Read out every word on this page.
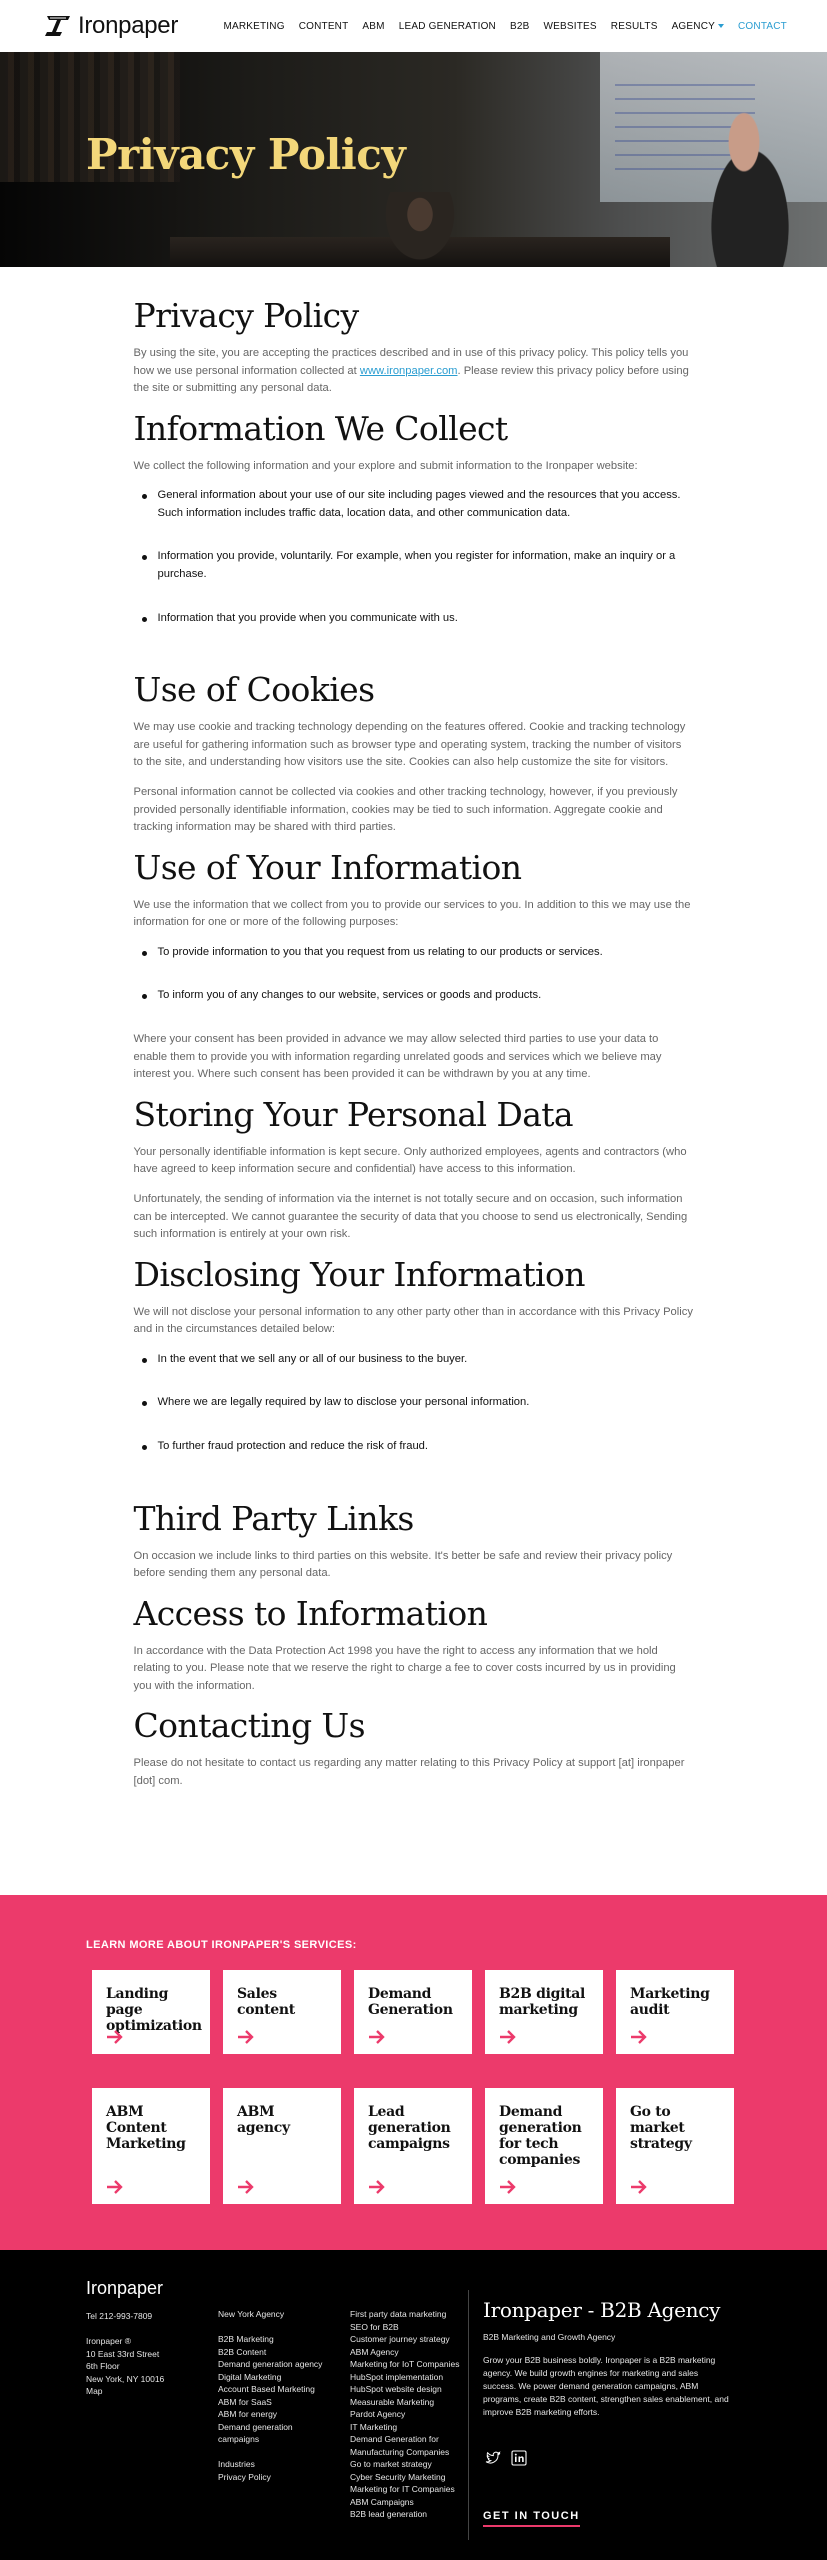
Ironpaper	MARKETING CONTENT ABM LEAD GENERATION B2B WEBSITES RESULTS AGENCY CONTACT
Privacy Policy
Privacy Policy

By using the site, you are accepting the practices described and in use of this privacy policy. This policy tells you how we use personal information collected at www.ironpaper.com. Please review this privacy policy before using the site or submitting any personal data.

Information We Collect

We collect the following information and your explore and submit information to the Ironpaper website:

General information about your use of our site including pages viewed and the resources that you access. Such information includes traffic data, location data, and other communication data.
Information you provide, voluntarily. For example, when you register for information, make an inquiry or a purchase.
Information that you provide when you communicate with us.
Use of Cookies

We may use cookie and tracking technology depending on the features offered. Cookie and tracking technology are useful for gathering information such as browser type and operating system, tracking the number of visitors to the site, and understanding how visitors use the site. Cookies can also help customize the site for visitors.

Personal information cannot be collected via cookies and other tracking technology, however, if you previously provided personally identifiable information, cookies may be tied to such information. Aggregate cookie and tracking information may be shared with third parties.

Use of Your Information

We use the information that we collect from you to provide our services to you. In addition to this we may use the information for one or more of the following purposes:

To provide information to you that you request from us relating to our products or services.
To inform you of any changes to our website, services or goods and products.

Where your consent has been provided in advance we may allow selected third parties to use your data to enable them to provide you with information regarding unrelated goods and services which we believe may interest you. Where such consent has been provided it can be withdrawn by you at any time.

Storing Your Personal Data

Your personally identifiable information is kept secure. Only authorized employees, agents and contractors (who have agreed to keep information secure and confidential) have access to this information.

Unfortunately, the sending of information via the internet is not totally secure and on occasion, such information can be intercepted. We cannot guarantee the security of data that you choose to send us electronically, Sending such information is entirely at your own risk.

Disclosing Your Information

We will not disclose your personal information to any other party other than in accordance with this Privacy Policy and in the circumstances detailed below:

In the event that we sell any or all of our business to the buyer.
Where we are legally required by law to disclose your personal information.
To further fraud protection and reduce the risk of fraud.
Third Party Links

On occasion we include links to third parties on this website. It's better be safe and review their privacy policy before sending them any personal data.

Access to Information

In accordance with the Data Protection Act 1998 you have the right to access any information that we hold relating to you. Please note that we reserve the right to charge a fee to cover costs incurred by us in providing you with the information.

Contacting Us

Please do not hesitate to contact us regarding any matter relating to this Privacy Policy at support [at] ironpaper [dot] com.

LEARN MORE ABOUT IRONPAPER'S SERVICES:
Landing page optimization
Sales content
Demand Generation
B2B digital marketing
Marketing audit
ABM Content Marketing
ABM agency
Lead generation campaigns
Demand generation for tech companies
Go to market strategy
Ironpaper
Tel 212-993-7809

Ironpaper ®
10 East 33rd Street
6th Floor
New York, NY 10016
Map
New York Agency

B2B Marketing
B2B Content
Demand generation agency
Digital Marketing
Account Based Marketing
ABM for SaaS
ABM for energy
Demand generation
campaigns

Industries
Privacy Policy
First party data marketing
SEO for B2B
Customer journey strategy
ABM Agency
Marketing for IoT Companies
HubSpot implementation
HubSpot website design
Measurable Marketing
Pardot Agency
IT Marketing
Demand Generation for
Manufacturing Companies
Go to market strategy
Cyber Security Marketing
Marketing for IT Companies
ABM Campaigns
B2B lead generation
Ironpaper - B2B Agency
B2B Marketing and Growth Agency
Grow your B2B business boldly. Ironpaper is a B2B marketing agency. We build growth engines for marketing and sales success. We power demand generation campaigns, ABM programs, create B2B content, strengthen sales enablement, and improve B2B marketing efforts.
GET IN TOUCH
